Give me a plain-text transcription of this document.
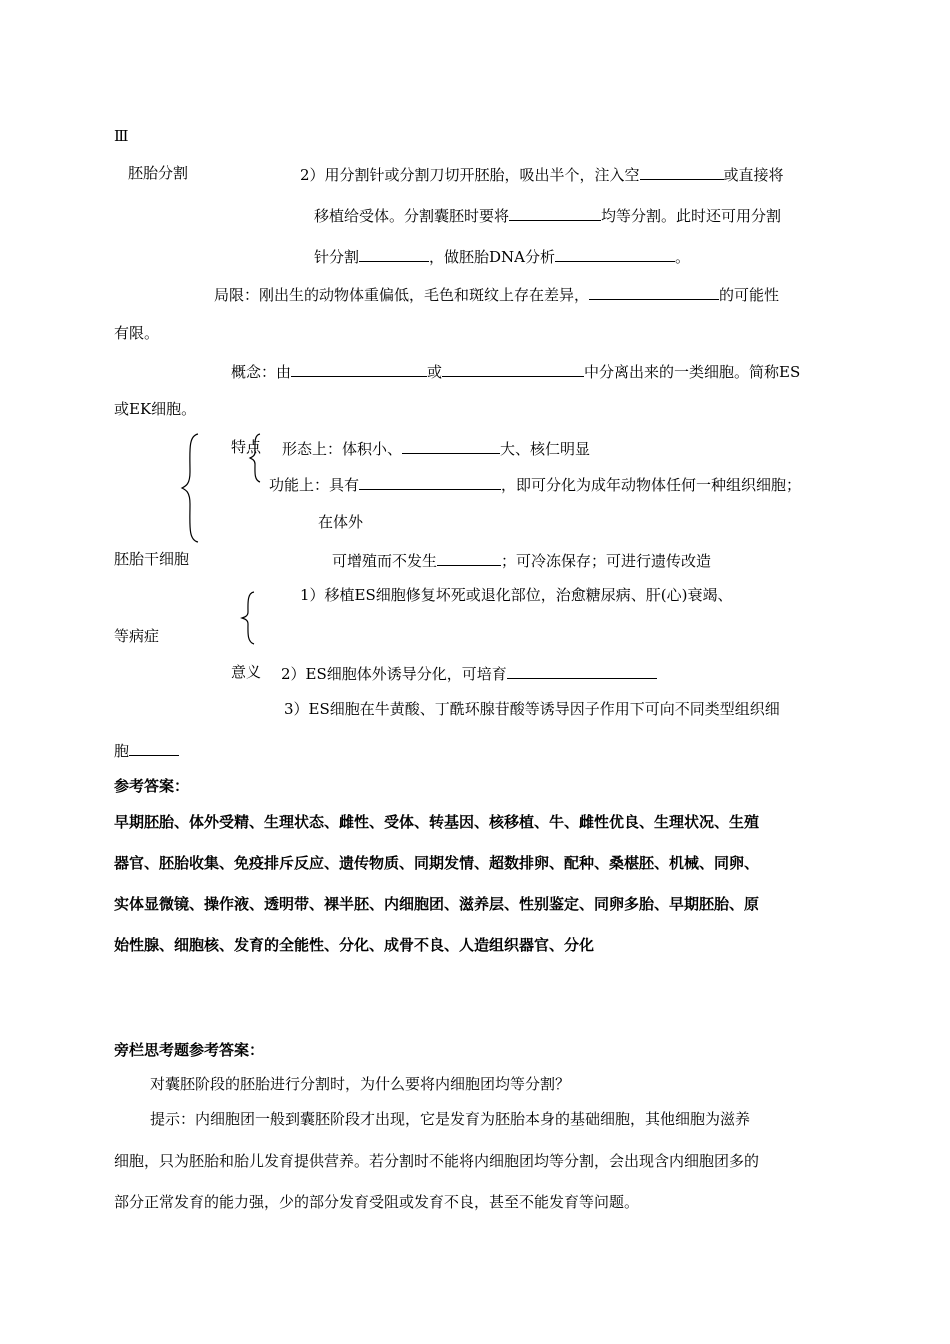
Ⅲ
胚胎分割	2）用分割针或分割刀切开胚胎，吸出半个，注入空	或直接将
移植给受体。分割囊胚时要将	均等分割。此时还可用分割
针分割	，做胚胎DNA分析	。
局限：刚出生的动物体重偏低，毛色和斑纹上存在差异，	的可能性
有限。
概念：由	或	中分离出来的一类细胞。简称ES
或EK细胞。
特点 形态上：体积小、	大、核仁明显
功能上：具有	，即可分化为成年动物体任何一种组织细胞；
在体外
胚胎干细胞	可增殖而不发生	；可冷冻保存；可进行遗传改造
1）移植ES细胞修复坏死或退化部位，治愈糖尿病、肝(心)衰竭、
等病症
意义 2）ES细胞体外诱导分化，可培育
3）ES细胞在牛黄酸、丁酰环腺苷酸等诱导因子作用下可向不同类型组织细
胞
参考答案：
早期胚胎、体外受精、生理状态、雌性、受体、转基因、核移植、牛、雌性优良、生理状况、生殖
器官、胚胎收集、免疫排斥反应、遗传物质、同期发情、超数排卵、配种、桑椹胚、机械、同卵、
实体显微镜、操作液、透明带、裸半胚、内细胞团、滋养层、性别鉴定、同卵多胎、早期胚胎、原
始性腺、细胞核、发育的全能性、分化、成骨不良、人造组织器官、分化
旁栏思考题参考答案：
对囊胚阶段的胚胎进行分割时，为什么要将内细胞团均等分割？
提示：内细胞团一般到囊胚阶段才出现，它是发育为胚胎本身的基础细胞，其他细胞为滋养
细胞，只为胚胎和胎儿发育提供营养。若分割时不能将内细胞团均等分割，会出现含内细胞团多的
部分正常发育的能力强，少的部分发育受阻或发育不良，甚至不能发育等问题。
